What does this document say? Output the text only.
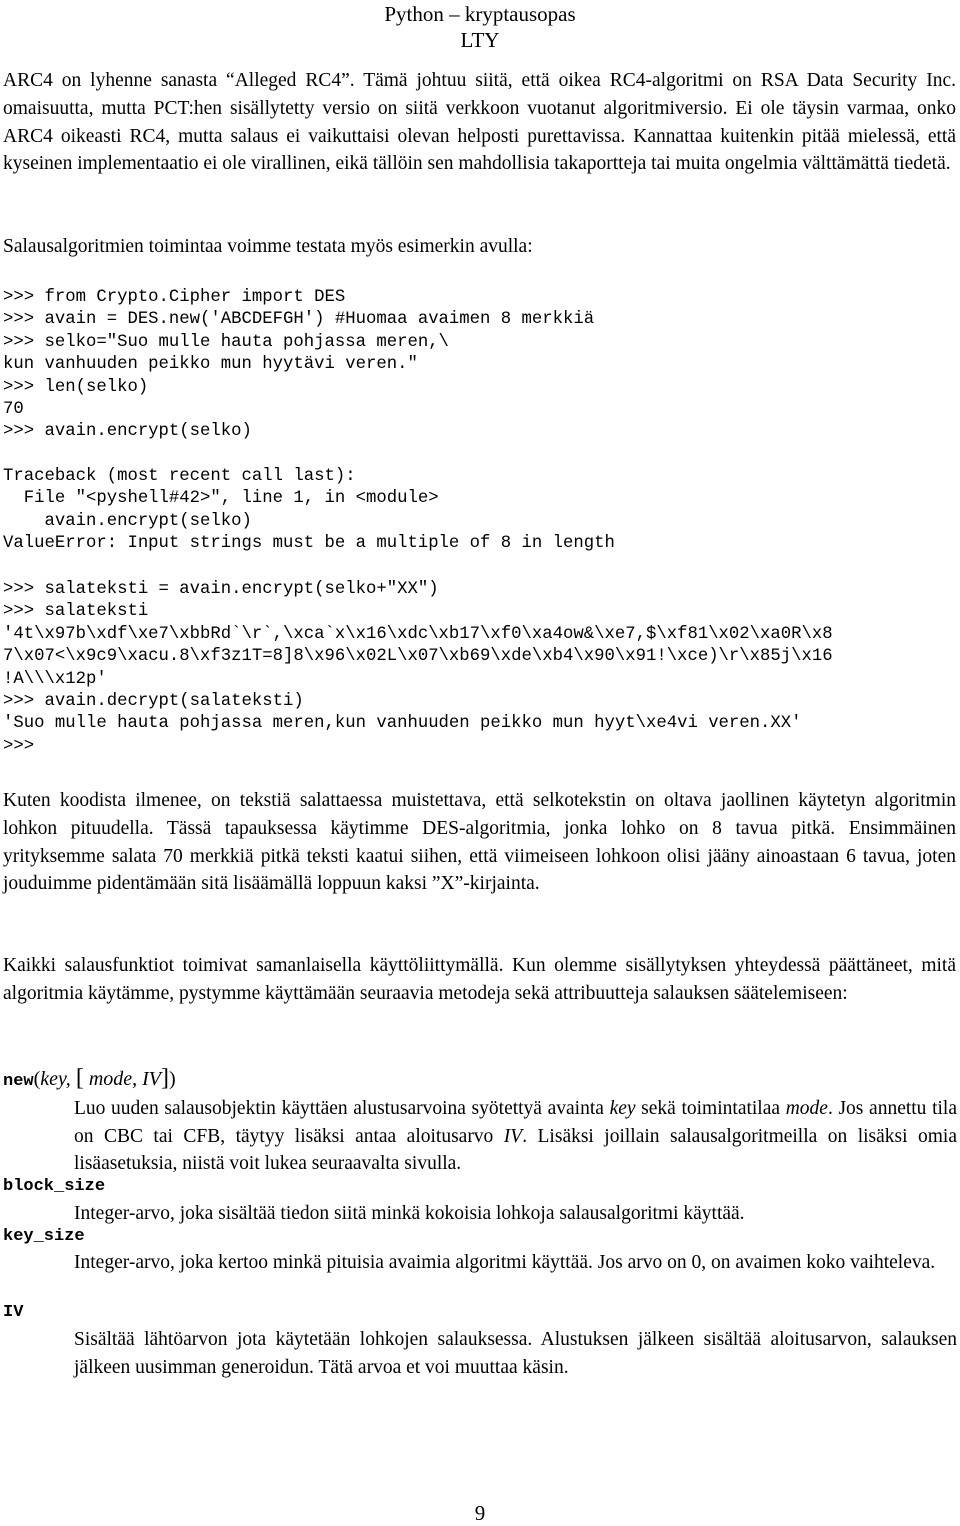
Python – kryptausopas
LTY

ARC4 on lyhenne sanasta “Alleged RC4”. Tämä johtuu siitä, että oikea RC4-algoritmi on RSA Data Security Inc. omaisuutta, mutta PCT:hen sisällytetty versio on siitä verkkoon vuotanut algoritmiversio. Ei ole täysin varmaa, onko ARC4 oikeasti RC4, mutta salaus ei vaikuttaisi olevan helposti purettavissa. Kannattaa kuitenkin pitää mielessä, että kyseinen implementaatio ei ole virallinen, eikä tällöin sen mahdollisia takaportteja tai muita ongelmia välttämättä tiedetä.

Salausalgoritmien toimintaa voimme testata myös esimerkin avulla:

>>> from Crypto.Cipher import DES
>>> avain = DES.new('ABCDEFGH') #Huomaa avaimen 8 merkkiä
>>> selko="Suo mulle hauta pohjassa meren,\
kun vanhuuden peikko mun hyytävi veren."
>>> len(selko)
70
>>> avain.encrypt(selko)
Traceback (most recent call last):
File "<pyshell#42>", line 1, in <module>
avain.encrypt(selko)
ValueError: Input strings must be a multiple of 8 in length
>>> salateksti = avain.encrypt(selko+"XX")
>>> salateksti
'4t\x97b\xdf\xe7\xbbRd`\r`,\xca`x\x16\xdc\xb17\xf0\xa4ow&\xe7,$\xf81\x02\xa0R\x8
7\x07<\x9c9\xacu.8\xf3z1T=8]8\x96\x02L\x07\xb69\xde\xb4\x90\x91!\xce)\r\x85j\x16
!A\\\x12p'
>>> avain.decrypt(salateksti)
'Suo mulle hauta pohjassa meren,kun vanhuuden peikko mun hyyt\xe4vi veren.XX'
>>>

Kuten koodista ilmenee, on tekstiä salattaessa muistettava, että selkotekstin on oltava jaollinen käytetyn algoritmin lohkon pituudella. Tässä tapauksessa käytimme DES-algoritmia, jonka lohko on 8 tavua pitkä. Ensimmäinen yrityksemme salata 70 merkkiä pitkä teksti kaatui siihen, että viimeiseen lohkoon olisi jääny ainoastaan 6 tavua, joten jouduimme pidentämään sitä lisäämällä loppuun kaksi ”X”-kirjainta.

Kaikki salausfunktiot toimivat samanlaisella käyttöliittymällä. Kun olemme sisällytyksen yhteydessä päättäneet, mitä algoritmia käytämme, pystymme käyttämään seuraavia metodeja sekä attribuutteja salauksen säätelemiseen:

new(key, [ mode, IV])

Luo uuden salausobjektin käyttäen alustusarvoina syötettyä avainta key sekä toimintatilaa mode. Jos annettu tila on CBC tai CFB, täytyy lisäksi antaa aloitusarvo IV. Lisäksi joillain salausalgoritmeilla on lisäksi omia lisäasetuksia, niistä voit lukea seuraavalta sivulla.

block_size

Integer-arvo, joka sisältää tiedon siitä minkä kokoisia lohkoja salausalgoritmi käyttää.

key_size

Integer-arvo, joka kertoo minkä pituisia avaimia algoritmi käyttää. Jos arvo on 0, on avaimen koko vaihteleva.

IV

Sisältää lähtöarvon jota käytetään lohkojen salauksessa. Alustuksen jälkeen sisältää aloitusarvon, salauksen jälkeen uusimman generoidun. Tätä arvoa et voi muuttaa käsin.

9
